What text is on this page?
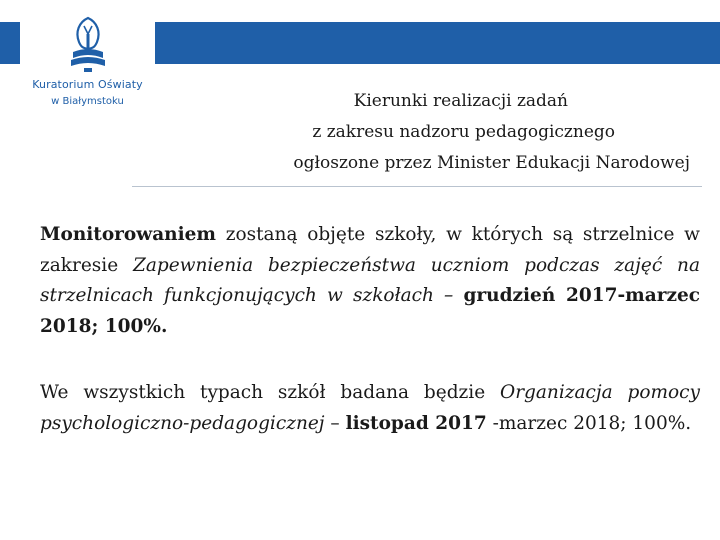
Kuratorium Oświaty
w Białymstoku	Kierunki realizacji zadań
z zakresu nadzoru pedagogicznego
ogłoszone przez Minister Edukacji Narodowej
Monitorowaniem zostaną objęte szkoły, w których są strzelnice w zakresie Zapewnienia bezpieczeństwa uczniom podczas zajęć na strzelnicach funkcjonujących w szkołach – grudzień 2017-marzec 2018; 100%.
We wszystkich typach szkół badana będzie Organizacja pomocy psychologiczno-pedagogicznej – listopad 2017 -marzec 2018; 100%.
